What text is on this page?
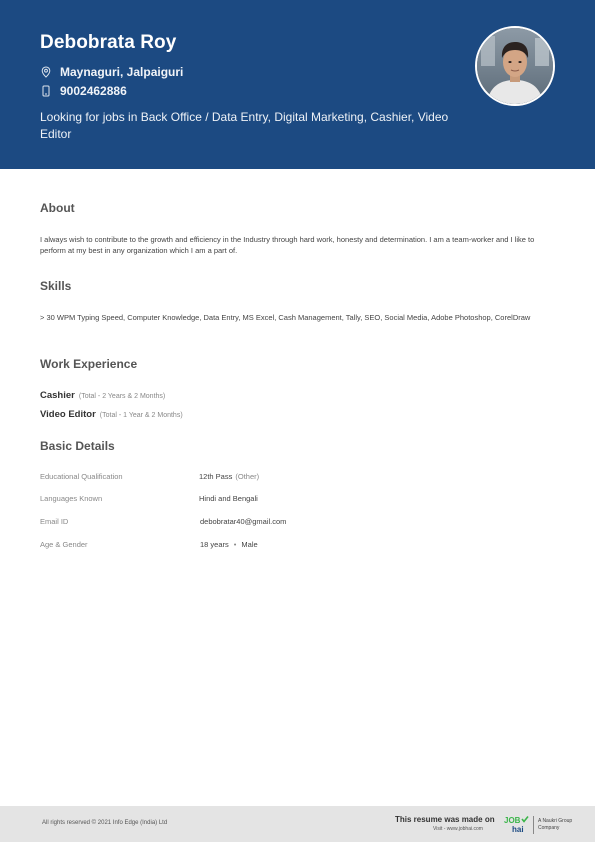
Debobrata Roy
Maynaguri, Jalpaiguri
9002462886
Looking for jobs in Back Office / Data Entry, Digital Marketing, Cashier, Video Editor
About
I always wish to contribute to the growth and efficiency in the Industry through hard work, honesty and determination. I am a team-worker and I like to perform at my best in any organization which I am a part of.
Skills
> 30 WPM Typing Speed, Computer Knowledge, Data Entry, MS Excel, Cash Management, Tally, SEO, Social Media, Adobe Photoshop, CorelDraw
Work Experience
Cashier (Total - 2 Years & 2 Months)
Video Editor (Total - 1 Year & 2 Months)
Basic Details
Educational Qualification	12th Pass (Other)
Languages Known	Hindi and Bengali
Email ID	debobratar40@gmail.com
Age & Gender	18 years • Male
All rights reserved © 2021 Info Edge (India) Ltd	This resume was made on
Visit - www.jobhai.com
JOB
hai
A Naukri Group Company
